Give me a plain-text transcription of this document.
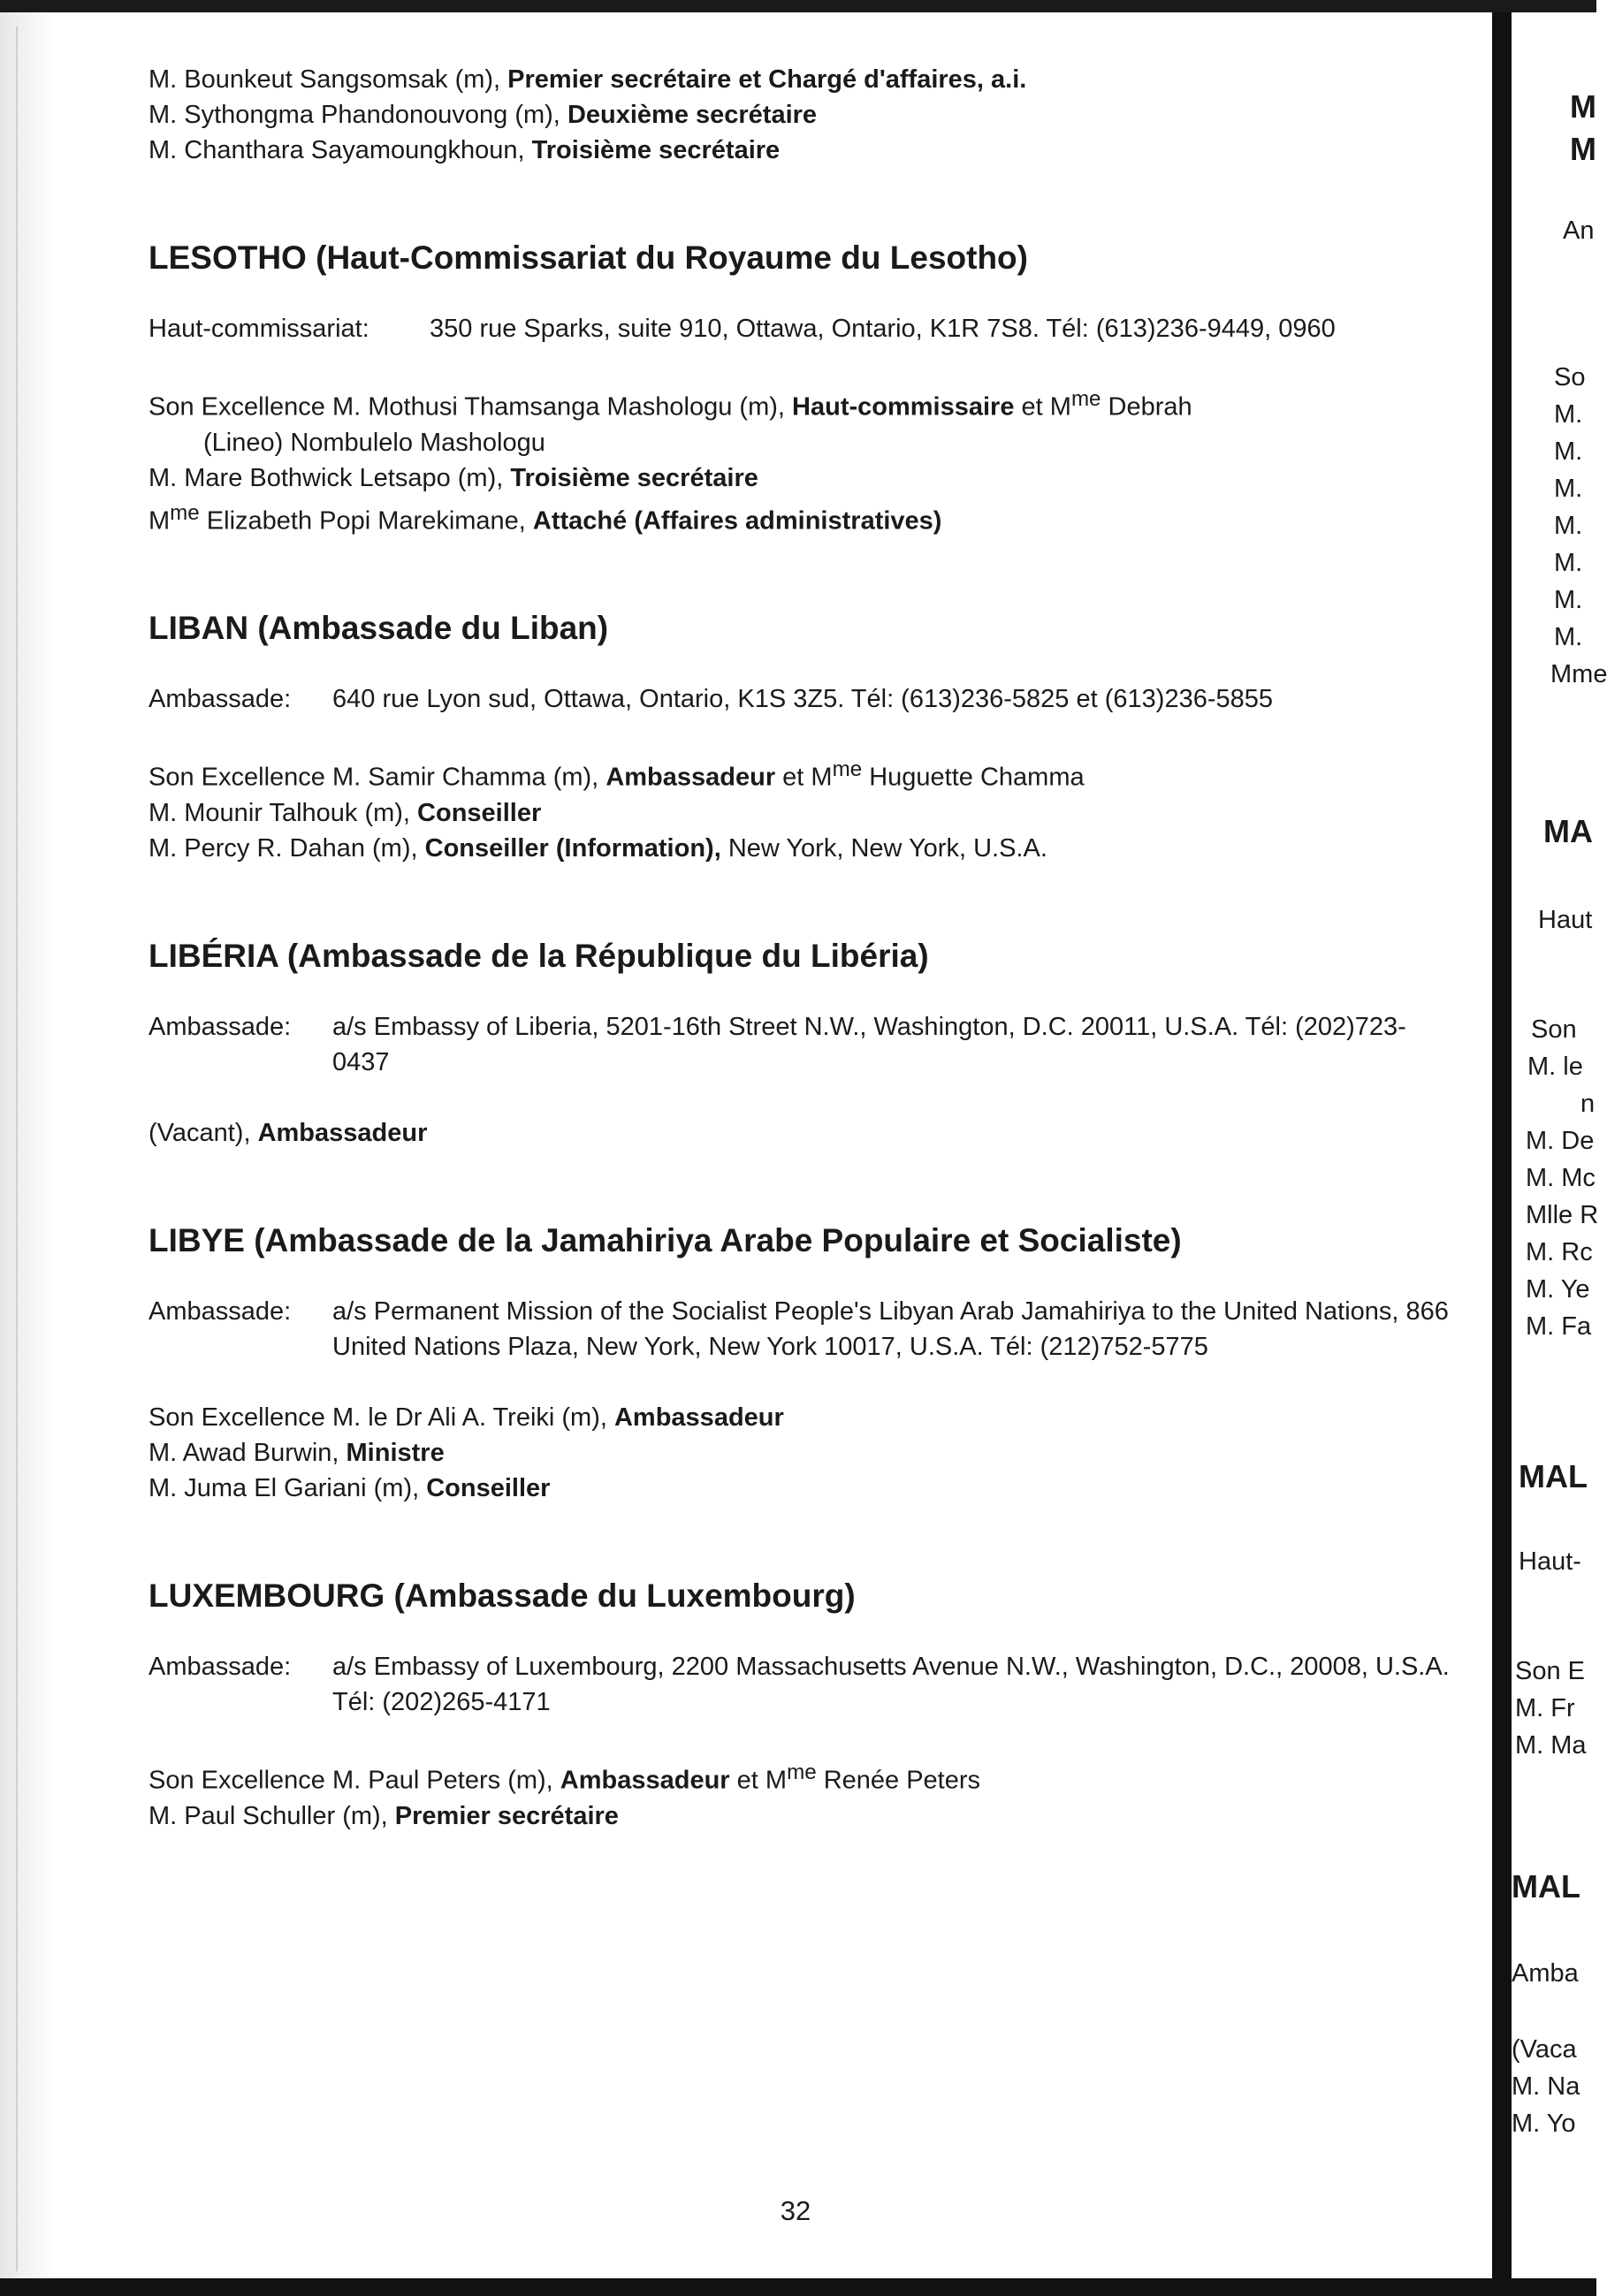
M. Bounkeut Sangsomsak (m), Premier secrétaire et Chargé d'affaires, a.i.

M. Sythongma Phandonouvong (m), Deuxième secrétaire

M. Chanthara Sayamoungkhoun, Troisième secrétaire

LESOTHO (Haut-Commissariat du Royaume du Lesotho)
Haut-commissariat:	350 rue Sparks, suite 910, Ottawa, Ontario, K1R 7S8. Tél: (613)236-9449, 0960

Son Excellence M. Mothusi Thamsanga Mashologu (m), Haut-commissaire et $M^{me}$ Debrah

(Lineo) Nombulelo Mashologu

M. Mare Bothwick Letsapo (m), Troisième secrétaire

$M^{me}$ Elizabeth Popi Marekimane, Attaché (Affaires administratives)

LIBAN (Ambassade du Liban)
Ambassade:	640 rue Lyon sud, Ottawa, Ontario, K1S 3Z5. Tél: (613)236-5825 et (613)236-5855

Son Excellence M. Samir Chamma (m), Ambassadeur et $M^{me}$ Huguette Chamma

M. Mounir Talhouk (m), Conseiller

M. Percy R. Dahan (m), Conseiller (Information), New York, New York, U.S.A.

LIBÉRIA (Ambassade de la République du Libéria)
Ambassade:	a/s Embassy of Liberia, 5201-16th Street N.W., Washington, D.C. 20011, U.S.A. Tél: (202)723-0437

(Vacant), Ambassadeur

LIBYE (Ambassade de la Jamahiriya Arabe Populaire et Socialiste)
Ambassade:	a/s Permanent Mission of the Socialist People's Libyan Arab Jamahiriya to the United Nations, 866 United Nations Plaza, New York, New York 10017, U.S.A. Tél: (212)752-5775

Son Excellence M. le Dr Ali A. Treiki (m), Ambassadeur

M. Awad Burwin, Ministre

M. Juma El Gariani (m), Conseiller

LUXEMBOURG (Ambassade du Luxembourg)
Ambassade:	a/s Embassy of Luxembourg, 2200 Massachusetts Avenue N.W., Washington, D.C., 20008, U.S.A. Tél: (202)265-4171

Son Excellence M. Paul Peters (m), Ambassadeur et $M^{me}$ Renée Peters

M. Paul Schuller (m), Premier secrétaire

32
M
M
An
So
M.
M.
M.
M.
M.
M.
M.
Mme
MA
Haut
Son
M. le
n
M. De
M. Mc
Mlle R
M. Rc
M. Ye
M. Fa
MAL
Haut-
Son E
M. Fr
M. Ma
MAL
Amba
(Vaca
M. Na
M. Yo
